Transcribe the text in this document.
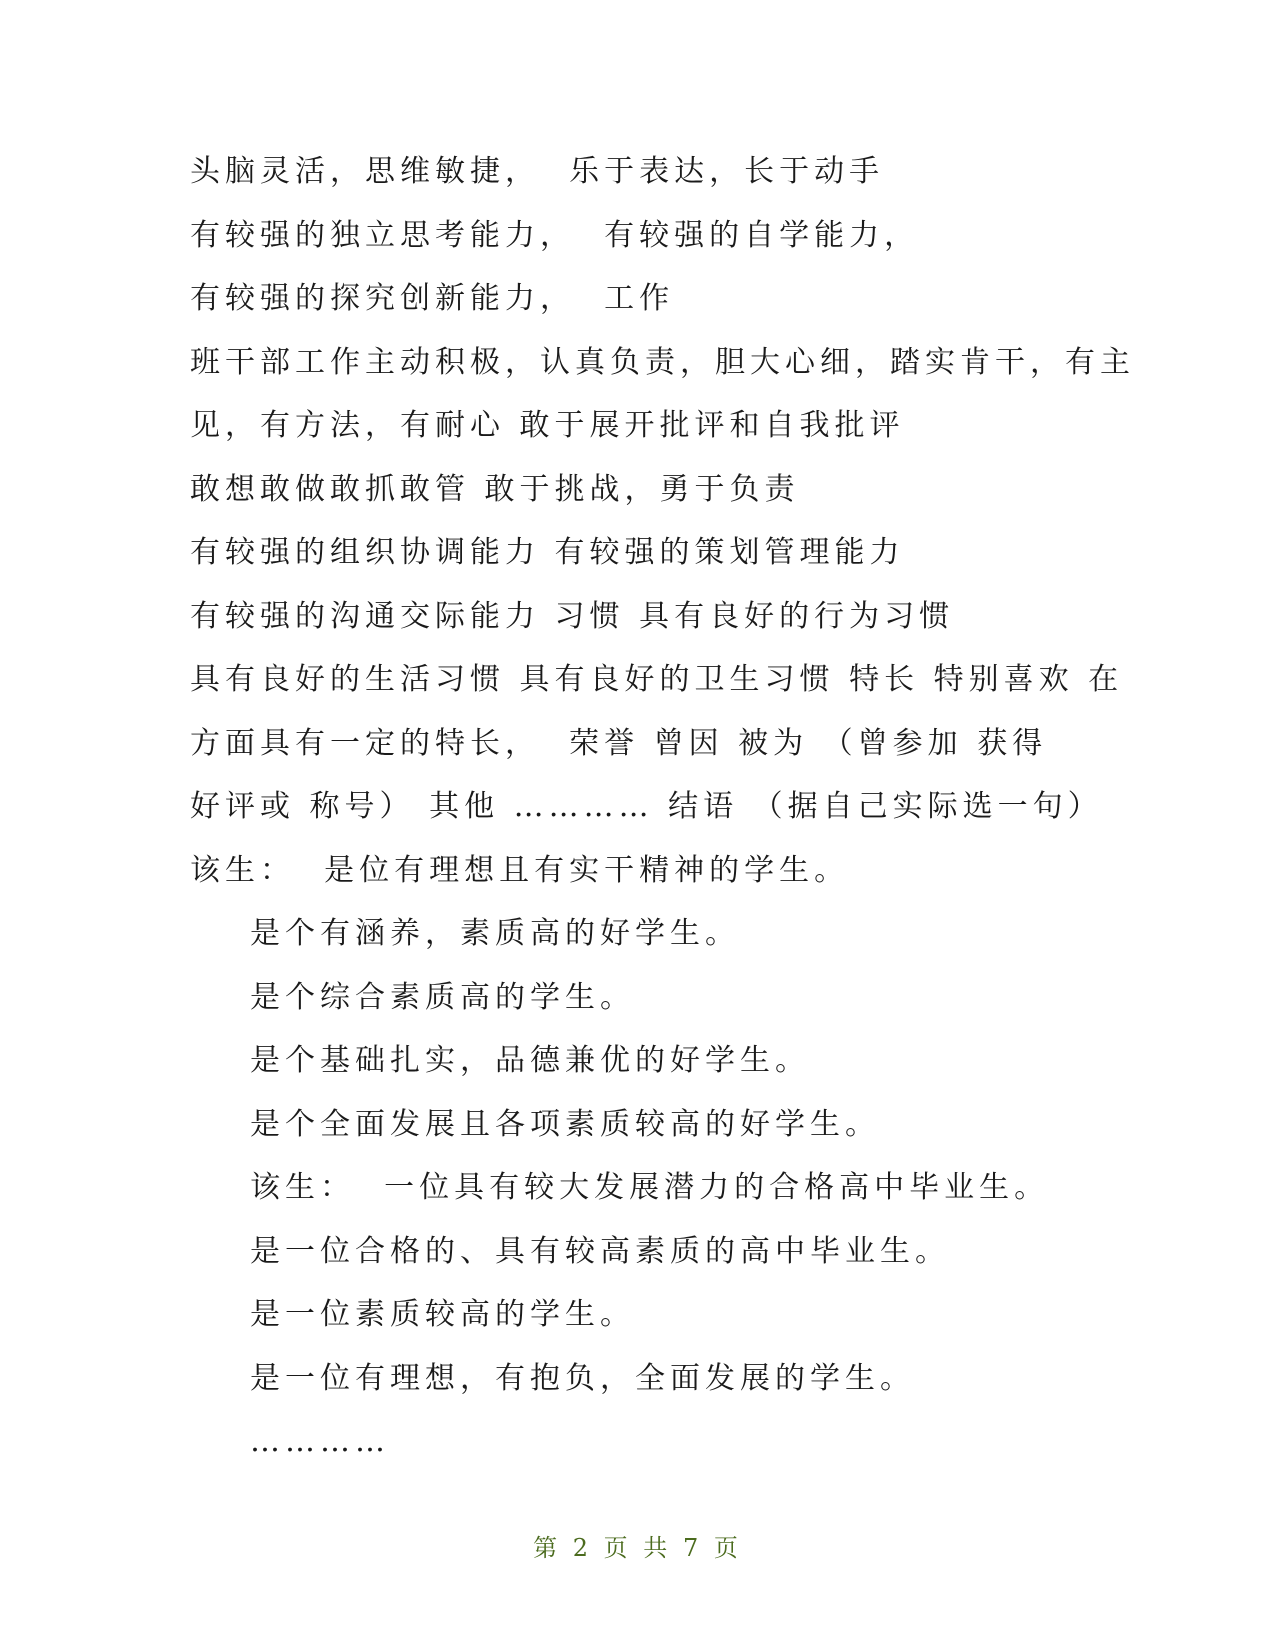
头脑灵活，思维敏捷，  乐于表达，长于动手
有较强的独立思考能力，  有较强的自学能力，
有较强的探究创新能力，  工作
班干部工作主动积极，认真负责，胆大心细，踏实肯干，有主
见，有方法，有耐心 敢于展开批评和自我批评
敢想敢做敢抓敢管 敢于挑战，勇于负责
有较强的组织协调能力 有较强的策划管理能力
有较强的沟通交际能力 习惯 具有良好的行为习惯
具有良好的生活习惯 具有良好的卫生习惯 特长 特别喜欢 在
方面具有一定的特长，  荣誉 曾因 被为 （曾参加 获得
好评或 称号） 其他 ………… 结语 （据自己实际选一句）
该生：  是位有理想且有实干精神的学生。
是个有涵养，素质高的好学生。
是个综合素质高的学生。
是个基础扎实，品德兼优的好学生。
是个全面发展且各项素质较高的好学生。
该生：  一位具有较大发展潜力的合格高中毕业生。
是一位合格的、具有较高素质的高中毕业生。
是一位素质较高的学生。
是一位有理想，有抱负，全面发展的学生。
…………
第 2 页 共 7 页
